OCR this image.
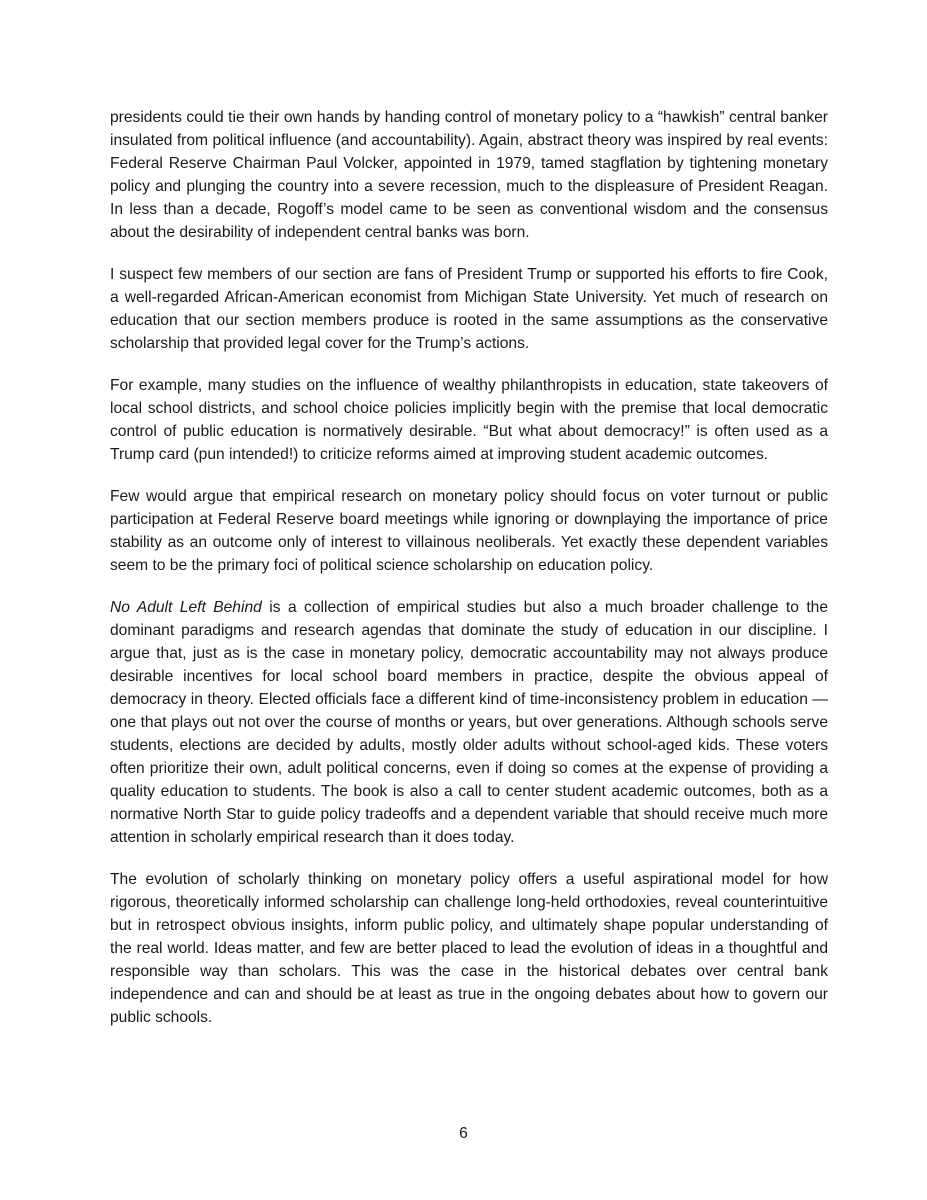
presidents could tie their own hands by handing control of monetary policy to a “hawkish” central banker insulated from political influence (and accountability). Again, abstract theory was inspired by real events: Federal Reserve Chairman Paul Volcker, appointed in 1979, tamed stagflation by tightening monetary policy and plunging the country into a severe recession, much to the displeasure of President Reagan. In less than a decade, Rogoff’s model came to be seen as conventional wisdom and the consensus about the desirability of independent central banks was born.

I suspect few members of our section are fans of President Trump or supported his efforts to fire Cook, a well-regarded African-American economist from Michigan State University. Yet much of research on education that our section members produce is rooted in the same assumptions as the conservative scholarship that provided legal cover for the Trump’s actions.

For example, many studies on the influence of wealthy philanthropists in education, state takeovers of local school districts, and school choice policies implicitly begin with the premise that local democratic control of public education is normatively desirable. “But what about democracy!” is often used as a Trump card (pun intended!) to criticize reforms aimed at improving student academic outcomes.

Few would argue that empirical research on monetary policy should focus on voter turnout or public participation at Federal Reserve board meetings while ignoring or downplaying the importance of price stability as an outcome only of interest to villainous neoliberals. Yet exactly these dependent variables seem to be the primary foci of political science scholarship on education policy.

No Adult Left Behind is a collection of empirical studies but also a much broader challenge to the dominant paradigms and research agendas that dominate the study of education in our discipline. I argue that, just as is the case in monetary policy, democratic accountability may not always produce desirable incentives for local school board members in practice, despite the obvious appeal of democracy in theory. Elected officials face a different kind of time-inconsistency problem in education — one that plays out not over the course of months or years, but over generations. Although schools serve students, elections are decided by adults, mostly older adults without school-aged kids. These voters often prioritize their own, adult political concerns, even if doing so comes at the expense of providing a quality education to students. The book is also a call to center student academic outcomes, both as a normative North Star to guide policy tradeoffs and a dependent variable that should receive much more attention in scholarly empirical research than it does today.

The evolution of scholarly thinking on monetary policy offers a useful aspirational model for how rigorous, theoretically informed scholarship can challenge long-held orthodoxies, reveal counterintuitive but in retrospect obvious insights, inform public policy, and ultimately shape popular understanding of the real world. Ideas matter, and few are better placed to lead the evolution of ideas in a thoughtful and responsible way than scholars. This was the case in the historical debates over central bank independence and can and should be at least as true in the ongoing debates about how to govern our public schools.

6
